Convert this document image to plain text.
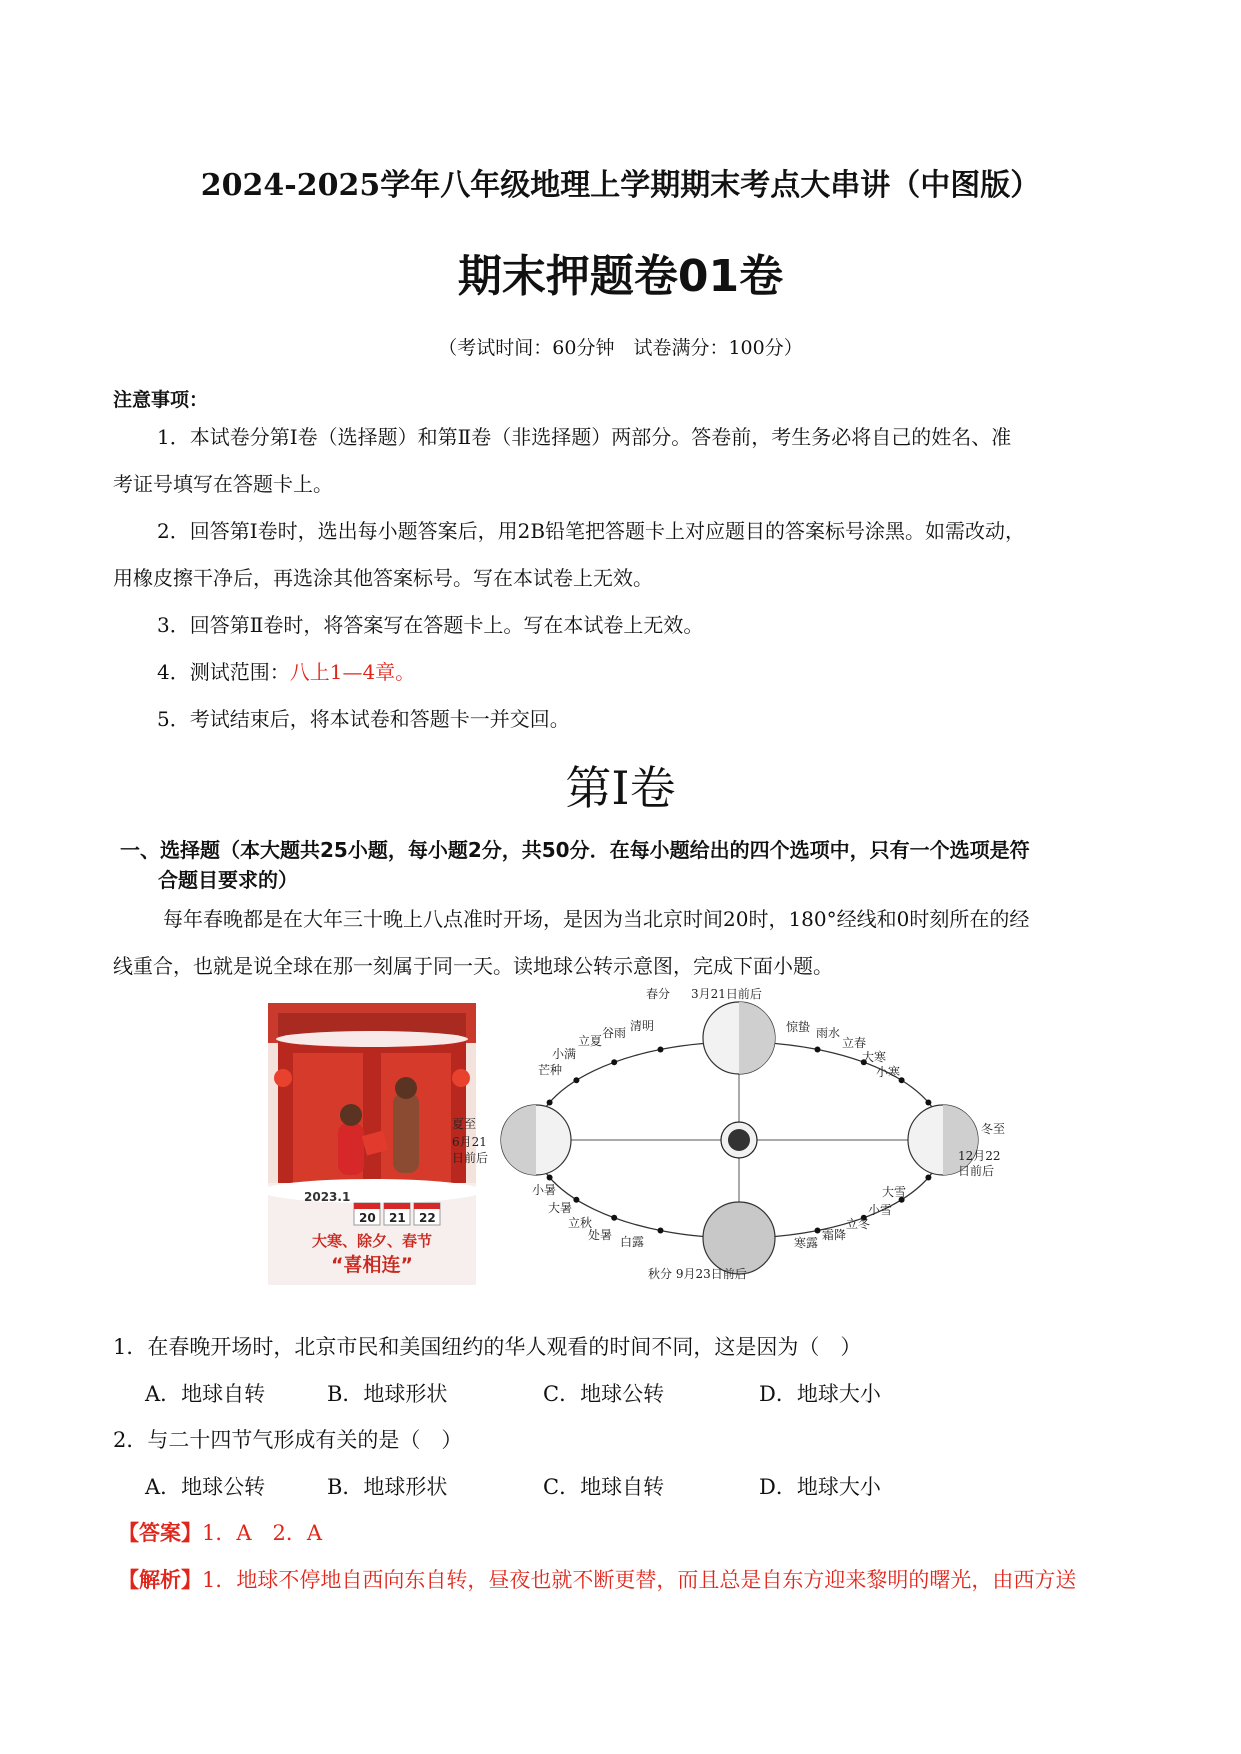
2024-2025学年八年级地理上学期期末考点大串讲（中图版）
期末押题卷01卷
（考试时间：60分钟　试卷满分：100分）
注意事项：
1．本试卷分第Ⅰ卷（选择题）和第Ⅱ卷（非选择题）两部分。答卷前，考生务必将自己的姓名、准
考证号填写在答题卡上。
2．回答第Ⅰ卷时，选出每小题答案后，用2B铅笔把答题卡上对应题目的答案标号涂黑。如需改动，
用橡皮擦干净后，再选涂其他答案标号。写在本试卷上无效。
3．回答第Ⅱ卷时，将答案写在答题卡上。写在本试卷上无效。
4．测试范围：八上1—4章。
5．考试结束后，将本试卷和答题卡一并交回。
第Ⅰ卷
一、选择题（本大题共25小题，每小题2分，共50分．在每小题给出的四个选项中，只有一个选项是符
合题目要求的）
每年春晚都是在大年三十晚上八点准时开场，是因为当北京时间20时，180°经线和0时刻所在的经
线重合，也就是说全球在那一刻属于同一天。读地球公转示意图，完成下面小题。
2023.1
20 21 22
大寒、除夕、春节
“喜相连”
春分 3月21日前后
夏至
6月21
日前后
冬至
12月22
日前后
秋分 9月23日前后
清明
谷雨
立夏
小满
芒种
惊蛰 雨水
立春
大寒
小寒
小暑
大暑
立秋
处暑 白露	寒露
霜降
立冬
小雪
大雪
1．在春晚开场时，北京市民和美国纽约的华人观看的时间不同，这是因为（　）
A．地球自转	B．地球形状	C．地球公转	D．地球大小
2．与二十四节气形成有关的是（　）
A．地球公转	B．地球形状	C．地球自转	D．地球大小
【答案】1．A　2．A
【解析】1．地球不停地自西向东自转，昼夜也就不断更替，而且总是自东方迎来黎明的曙光，由西方送
